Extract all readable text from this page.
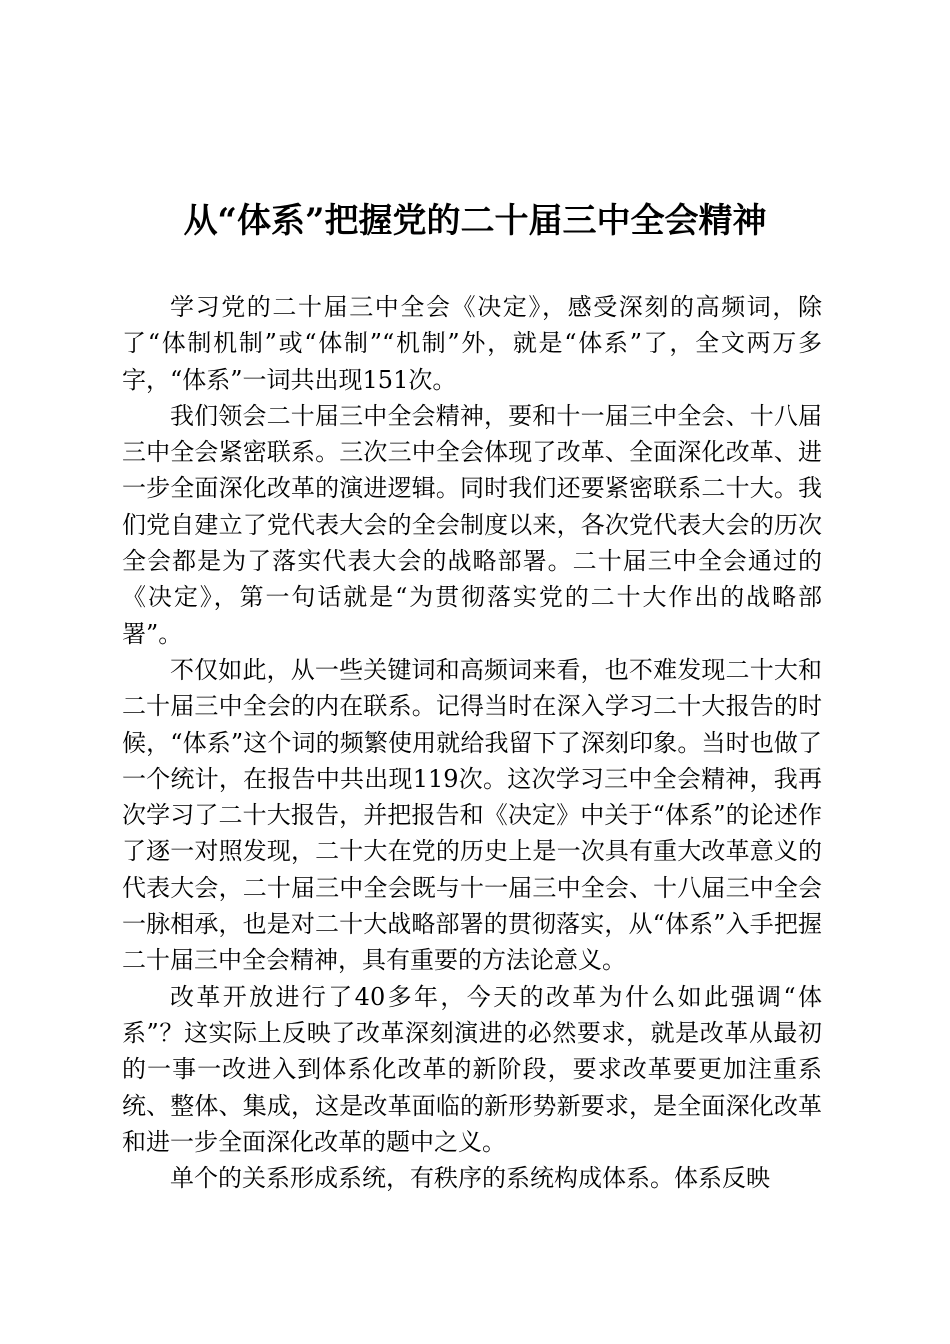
从“体系”把握党的二十届三中全会精神

学习党的二十届三中全会《决定》，感受深刻的高频词，除了“体制机制”或“体制”“机制”外，就是“体系”了，全文两万多字，“体系”一词共出现151次。

我们领会二十届三中全会精神，要和十一届三中全会、十八届三中全会紧密联系。三次三中全会体现了改革、全面深化改革、进一步全面深化改革的演进逻辑。同时我们还要紧密联系二十大。我们党自建立了党代表大会的全会制度以来，各次党代表大会的历次全会都是为了落实代表大会的战略部署。二十届三中全会通过的《决定》，第一句话就是“为贯彻落实党的二十大作出的战略部署”。

不仅如此，从一些关键词和高频词来看，也不难发现二十大和二十届三中全会的内在联系。记得当时在深入学习二十大报告的时候，“体系”这个词的频繁使用就给我留下了深刻印象。当时也做了一个统计，在报告中共出现119次。这次学习三中全会精神，我再次学习了二十大报告，并把报告和《决定》中关于“体系”的论述作了逐一对照发现，二十大在党的历史上是一次具有重大改革意义的代表大会，二十届三中全会既与十一届三中全会、十八届三中全会一脉相承，也是对二十大战略部署的贯彻落实，从“体系”入手把握二十届三中全会精神，具有重要的方法论意义。

改革开放进行了40多年，今天的改革为什么如此强调“体系”？这实际上反映了改革深刻演进的必然要求，就是改革从最初的一事一改进入到体系化改革的新阶段，要求改革要更加注重系统、整体、集成，这是改革面临的新形势新要求，是全面深化改革和进一步全面深化改革的题中之义。

单个的关系形成系统，有秩序的系统构成体系。体系反映
